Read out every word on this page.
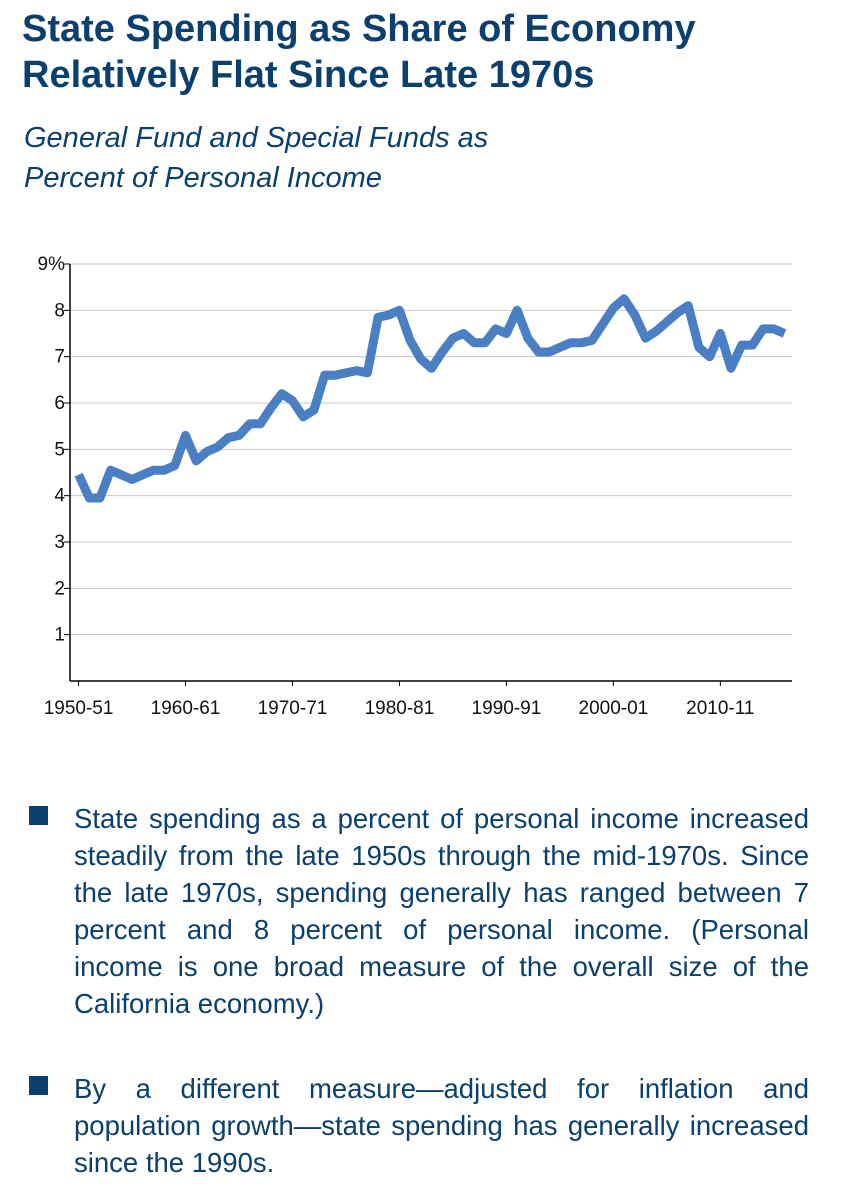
State Spending as Share of Economy
Relatively Flat Since Late 1970s

General Fund and Special Funds as
Percent of Personal Income

1
2
3
4
5
6
7
8
9%
1950-51 1960-61 1970-71 1980-81 1990-91 2000-01 2010-11

State spending as a percent of personal income increased steadily from the late 1950s through the mid-1970s. Since the late 1970s, spending generally has ranged between 7 percent and 8 percent of personal income. (Personal income is one broad measure of the overall size of the California economy.)

By a different measure—adjusted for inflation and population growth—state spending has generally increased since the 1990s.
